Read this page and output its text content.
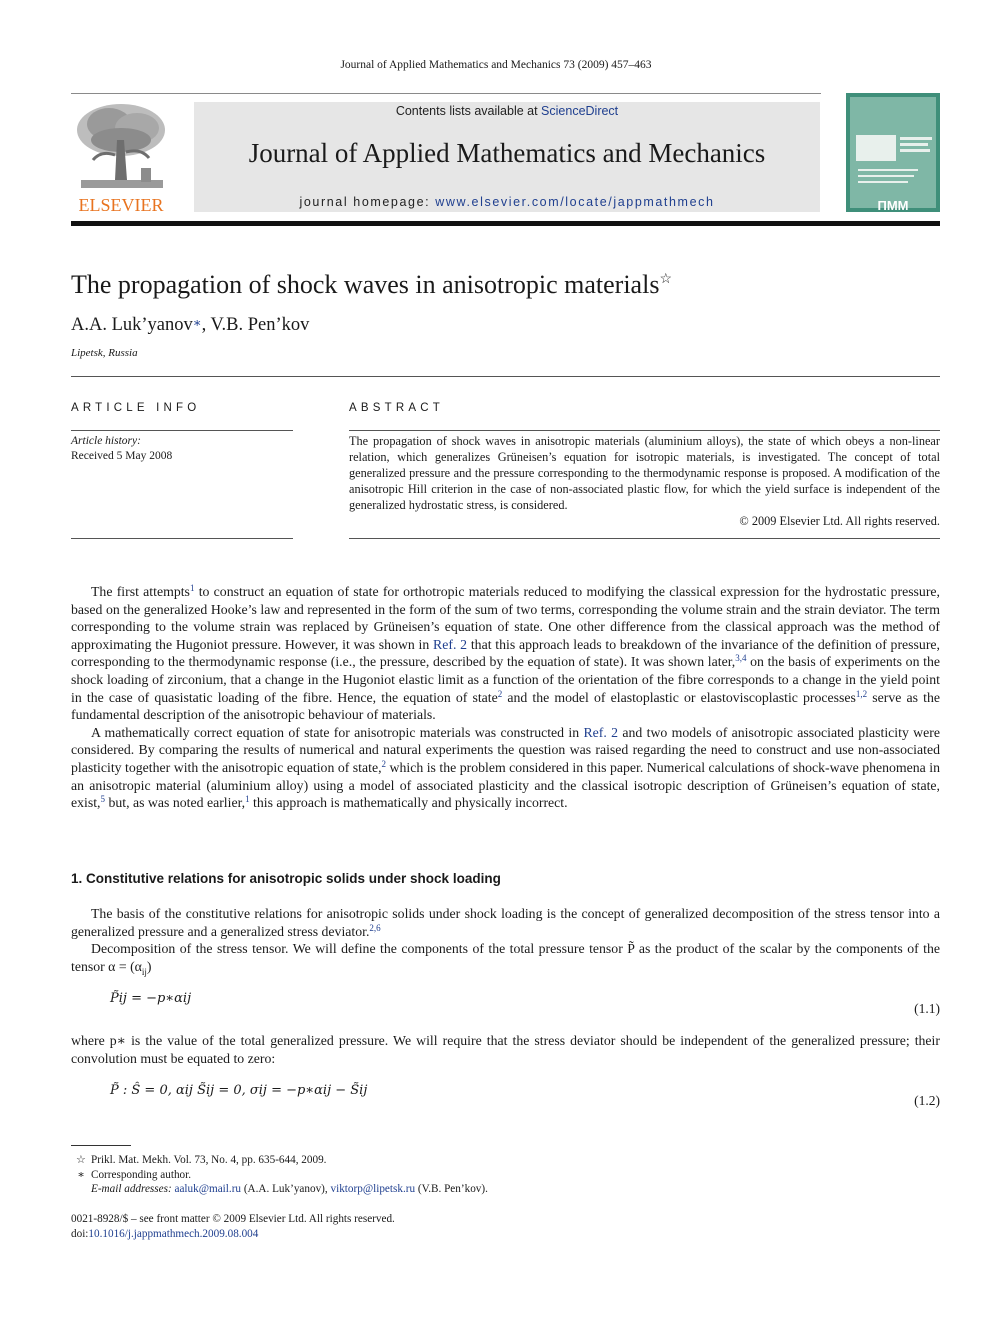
Journal of Applied Mathematics and Mechanics 73 (2009) 457–463
ELSEVIER
Contents lists available at ScienceDirect
Journal of Applied Mathematics and Mechanics
journal homepage: www.elsevier.com/locate/jappmathmech	ПММ
The propagation of shock waves in anisotropic materials☆
A.A. Luk’yanov∗, V.B. Pen’kov
Lipetsk, Russia
ARTICLE INFO	ABSTRACT
Article history:
Received 5 May 2008
The propagation of shock waves in anisotropic materials (aluminium alloys), the state of which obeys a non-linear relation, which generalizes Grüneisen’s equation for isotropic materials, is investigated. The concept of total generalized pressure and the pressure corresponding to the thermodynamic response is proposed. A modification of the anisotropic Hill criterion in the case of non-associated plastic flow, for which the yield surface is independent of the generalized hydrostatic stress, is considered.
© 2009 Elsevier Ltd. All rights reserved.

The first attempts$^1$ to construct an equation of state for orthotropic materials reduced to modifying the classical expression for the hydrostatic pressure, based on the generalized Hooke’s law and represented in the form of the sum of two terms, corresponding the volume strain and the strain deviator. The term corresponding to the volume strain was replaced by Grüneisen’s equation of state. One other difference from the classical approach was the method of approximating the Hugoniot pressure. However, it was shown in Ref. 2 that this approach leads to breakdown of the invariance of the definition of pressure, corresponding to the thermodynamic response (i.e., the pressure, described by the equation of state). It was shown later,$^{3,4}$ on the basis of experiments on the shock loading of zirconium, that a change in the Hugoniot elastic limit as a function of the orientation of the fibre corresponds to a change in the yield point in the case of quasistatic loading of the fibre. Hence, the equation of state$^2$ and the model of elastoplastic or elastoviscoplastic processes$^{1,2}$ serve as the fundamental description of the anisotropic behaviour of materials.

A mathematically correct equation of state for anisotropic materials was constructed in Ref. 2 and two models of anisotropic associated plasticity were considered. By comparing the results of numerical and natural experiments the question was raised regarding the need to construct and use non-associated plasticity together with the anisotropic equation of state,$^2$ which is the problem considered in this paper. Numerical calculations of shock-wave phenomena in an anisotropic material (aluminium alloy) using a model of associated plasticity and the classical isotropic description of Grüneisen’s equation of state, exist,$^5$ but, as was noted earlier,$^1$ this approach is mathematically and physically incorrect.

1. Constitutive relations for anisotropic solids under shock loading

The basis of the constitutive relations for anisotropic solids under shock loading is the concept of generalized decomposition of the stress tensor into a generalized pressure and a generalized stress deviator.$^{2,6}$

Decomposition of the stress tensor. We will define the components of the total pressure tensor P̃ as the product of the scalar by the components of the tensor $\alpha = (\alpha_{ij})$

P̃ij = −p∗αij
(1.1)

where p∗ is the value of the total generalized pressure. We will require that the stress deviator should be independent of the generalized pressure; their convolution must be equated to zero:

P̃ : Ŝ = 0, αij S̃ij = 0, σij = −p∗αij − S̃ij
(1.2)
☆ Prikl. Mat. Mekh. Vol. 73, No. 4, pp. 635-644, 2009.
∗ Corresponding author.
E-mail addresses: aaluk@mail.ru (A.A. Luk’yanov), viktorp@lipetsk.ru (V.B. Pen’kov).
0021-8928/$ – see front matter © 2009 Elsevier Ltd. All rights reserved.
doi:10.1016/j.jappmathmech.2009.08.004
